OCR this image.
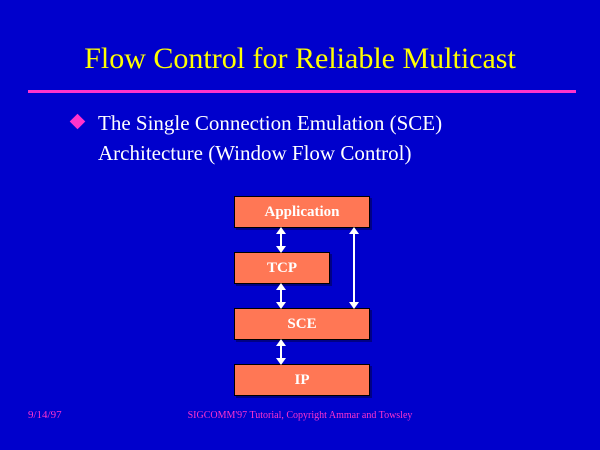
Flow Control for Reliable Multicast
The Single Connection Emulation (SCE)
Architecture (Window Flow Control)
Application
TCP
SCE
IP
9/14/97	SIGCOMM'97 Tutorial, Copyright Ammar and Towsley
